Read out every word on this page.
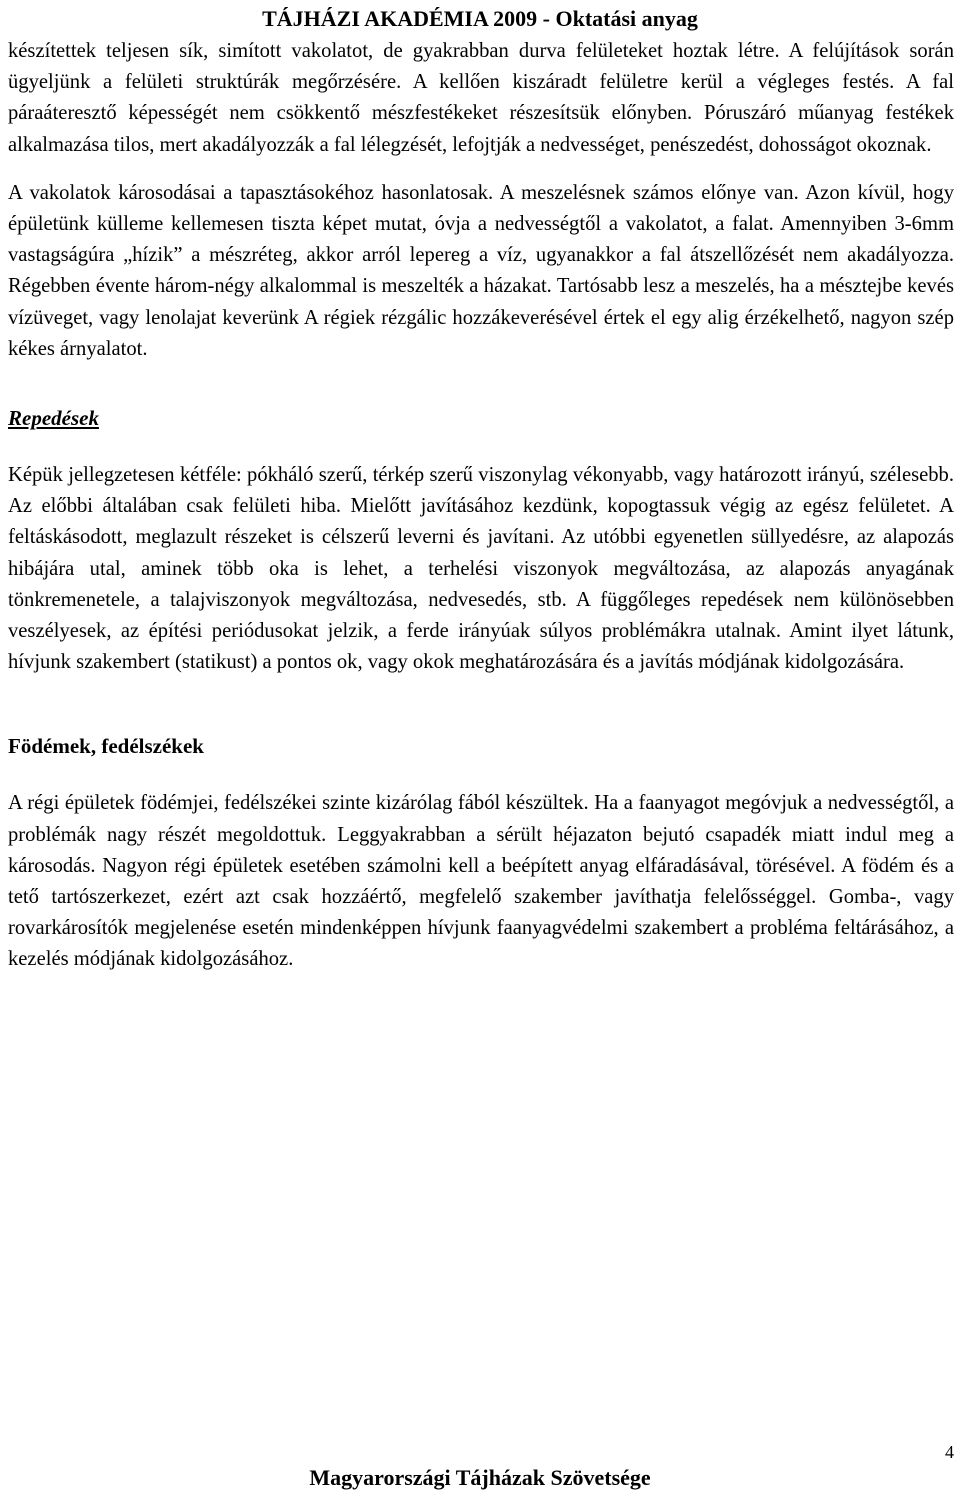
TÁJHÁZI AKADÉMIA 2009 - Oktatási anyag

készítettek teljesen sík, simított vakolatot, de gyakrabban durva felületeket hoztak létre. A felújítások során ügyeljünk a felületi struktúrák megőrzésére. A kellően kiszáradt felületre kerül a végleges festés. A fal páraáteresztő képességét nem csökkentő mészfestékeket részesítsük előnyben. Póruszáró műanyag festékek alkalmazása tilos, mert akadályozzák a fal lélegzését, lefojtják a nedvességet, penészedést, dohosságot okoznak.

A vakolatok károsodásai a tapasztásokéhoz hasonlatosak. A meszelésnek számos előnye van. Azon kívül, hogy épületünk külleme kellemesen tiszta képet mutat, óvja a nedvességtől a vakolatot, a falat. Amennyiben 3-6mm vastagságúra „hízik” a mészréteg, akkor arról lepereg a víz, ugyanakkor a fal átszellőzését nem akadályozza. Régebben évente három-négy alkalommal is meszelték a házakat. Tartósabb lesz a meszelés, ha a mésztejbe kevés vízüveget, vagy lenolajat keverünk A régiek rézgálic hozzákeverésével értek el egy alig érzékelhető, nagyon szép kékes árnyalatot.

Repedések

Képük jellegzetesen kétféle: pókháló szerű, térkép szerű viszonylag vékonyabb, vagy határozott irányú, szélesebb. Az előbbi általában csak felületi hiba. Mielőtt javításához kezdünk, kopogtassuk végig az egész felületet. A feltáskásodott, meglazult részeket is célszerű leverni és javítani. Az utóbbi egyenetlen süllyedésre, az alapozás hibájára utal, aminek több oka is lehet, a terhelési viszonyok megváltozása, az alapozás anyagának tönkremenetele, a talajviszonyok megváltozása, nedvesedés, stb. A függőleges repedések nem különösebben veszélyesek, az építési periódusokat jelzik, a ferde irányúak súlyos problémákra utalnak. Amint ilyet látunk, hívjunk szakembert (statikust) a pontos ok, vagy okok meghatározására és a javítás módjának kidolgozására.

Födémek, fedélszékek

A régi épületek födémjei, fedélszékei szinte kizárólag fából készültek. Ha a faanyagot megóvjuk a nedvességtől, a problémák nagy részét megoldottuk. Leggyakrabban a sérült héjazaton bejutó csapadék miatt indul meg a károsodás. Nagyon régi épületek esetében számolni kell a beépített anyag elfáradásával, törésével. A födém és a tető tartószerkezet, ezért azt csak hozzáértő, megfelelő szakember javíthatja felelősséggel. Gomba-, vagy rovarkárosítók megjelenése esetén mindenképpen hívjunk faanyagvédelmi szakembert a probléma feltárásához, a kezelés módjának kidolgozásához.

4
Magyarországi Tájházak Szövetsége
